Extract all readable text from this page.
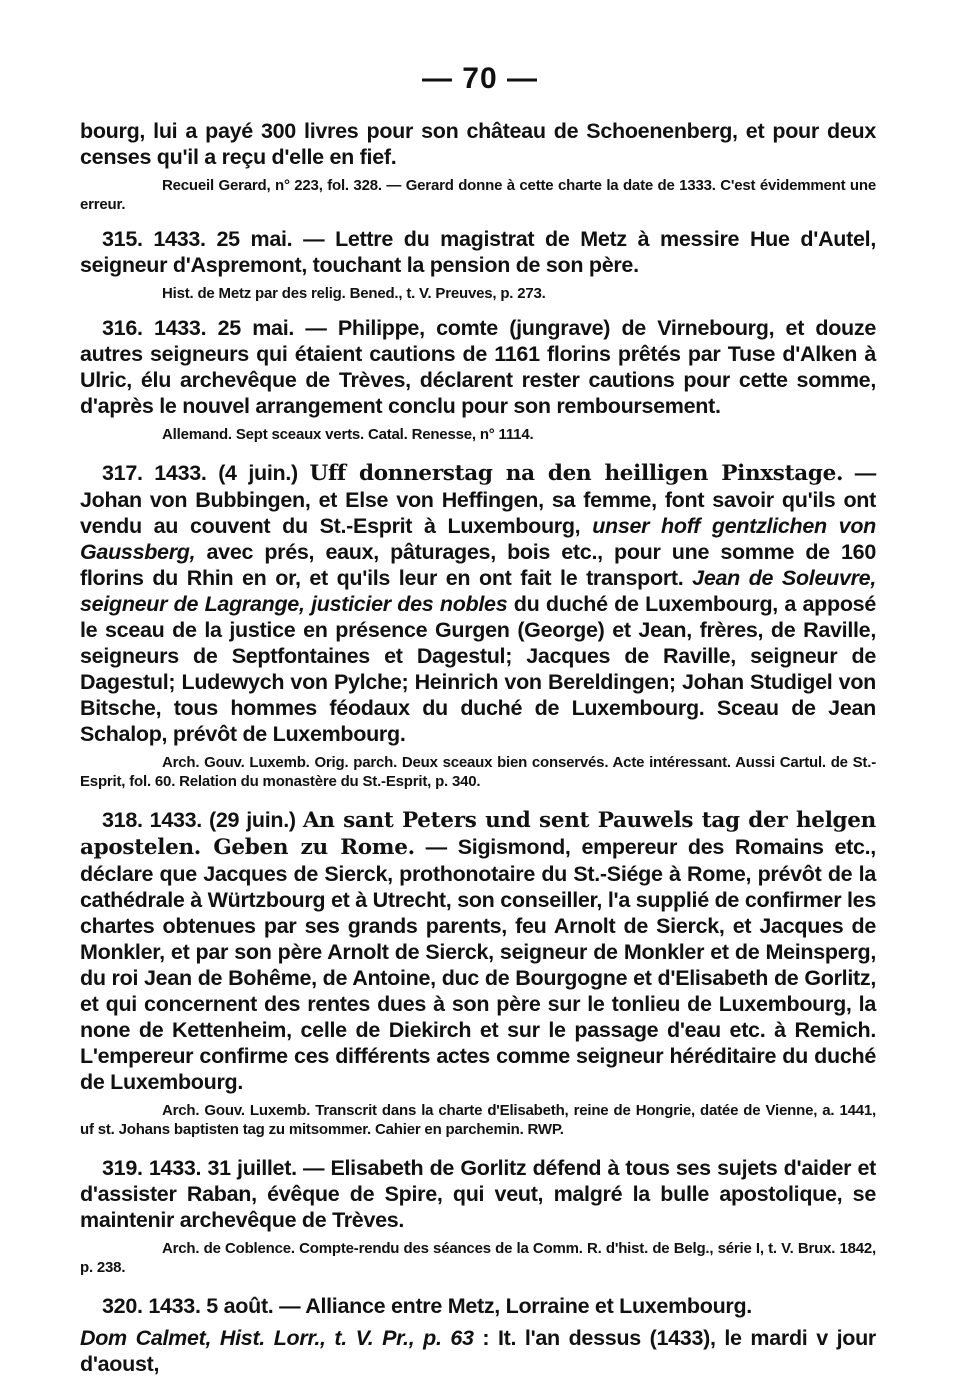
— 70 —

bourg, lui a payé 300 livres pour son château de Schoenenberg, et pour deux censes qu'il a reçu d'elle en fief.

Recueil Gerard, n° 223, fol. 328. — Gerard donne à cette charte la date de 1333. C'est évidemment une erreur.

315. 1433. 25 mai. — Lettre du magistrat de Metz à messire Hue d'Autel, seigneur d'Aspremont, touchant la pension de son père.

Hist. de Metz par des relig. Bened., t. V. Preuves, p. 273.

316. 1433. 25 mai. — Philippe, comte (jungrave) de Virnebourg, et douze autres seigneurs qui étaient cautions de 1161 florins prêtés par Tuse d'Alken à Ulric, élu archevêque de Trèves, déclarent rester cautions pour cette somme, d'après le nouvel arrangement conclu pour son remboursement.

Allemand. Sept sceaux verts. Catal. Renesse, n° 1114.

317. 1433. (4 juin.) Uff donnerstag na den heilligen Pinxstage. — Johan von Bubbingen, et Else von Heffingen, sa femme, font savoir qu'ils ont vendu au couvent du St.-Esprit à Luxembourg, unser hoff gentzlichen von Gaussberg, avec prés, eaux, pâturages, bois etc., pour une somme de 160 florins du Rhin en or, et qu'ils leur en ont fait le transport. Jean de Soleuvre, seigneur de Lagrange, justicier des nobles du duché de Luxembourg, a apposé le sceau de la justice en présence Gurgen (George) et Jean, frères, de Raville, seigneurs de Septfontaines et Dagestul; Jacques de Raville, seigneur de Dagestul; Ludewych von Pylche; Heinrich von Bereldingen; Johan Studigel von Bitsche, tous hommes féodaux du duché de Luxembourg. Sceau de Jean Schalop, prévôt de Luxembourg.

Arch. Gouv. Luxemb. Orig. parch. Deux sceaux bien conservés. Acte intéressant. Aussi Cartul. de St.-Esprit, fol. 60. Relation du monastère du St.-Esprit, p. 340.

318. 1433. (29 juin.) An sant Peters und sent Pauwels tag der helgen apostelen. Geben zu Rome. — Sigismond, empereur des Romains etc., déclare que Jacques de Sierck, prothonotaire du St.-Siége à Rome, prévôt de la cathédrale à Würtzbourg et à Utrecht, son conseiller, l'a supplié de confirmer les chartes obtenues par ses grands parents, feu Arnolt de Sierck, et Jacques de Monkler, et par son père Arnolt de Sierck, seigneur de Monkler et de Meinsperg, du roi Jean de Bohême, de Antoine, duc de Bourgogne et d'Elisabeth de Gorlitz, et qui concernent des rentes dues à son père sur le tonlieu de Luxembourg, la none de Kettenheim, celle de Diekirch et sur le passage d'eau etc. à Remich. L'empereur confirme ces différents actes comme seigneur héréditaire du duché de Luxembourg.

Arch. Gouv. Luxemb. Transcrit dans la charte d'Elisabeth, reine de Hongrie, datée de Vienne, a. 1441, uf st. Johans baptisten tag zu mitsommer. Cahier en parchemin. RWP.

319. 1433. 31 juillet. — Elisabeth de Gorlitz défend à tous ses sujets d'aider et d'assister Raban, évêque de Spire, qui veut, malgré la bulle apostolique, se maintenir archevêque de Trèves.

Arch. de Coblence. Compte-rendu des séances de la Comm. R. d'hist. de Belg., série I, t. V. Brux. 1842, p. 238.

320. 1433. 5 août. — Alliance entre Metz, Lorraine et Luxembourg.

Dom Calmet, Hist. Lorr., t. V. Pr., p. 63 : It. l'an dessus (1433), le mardi v jour d'aoust,
